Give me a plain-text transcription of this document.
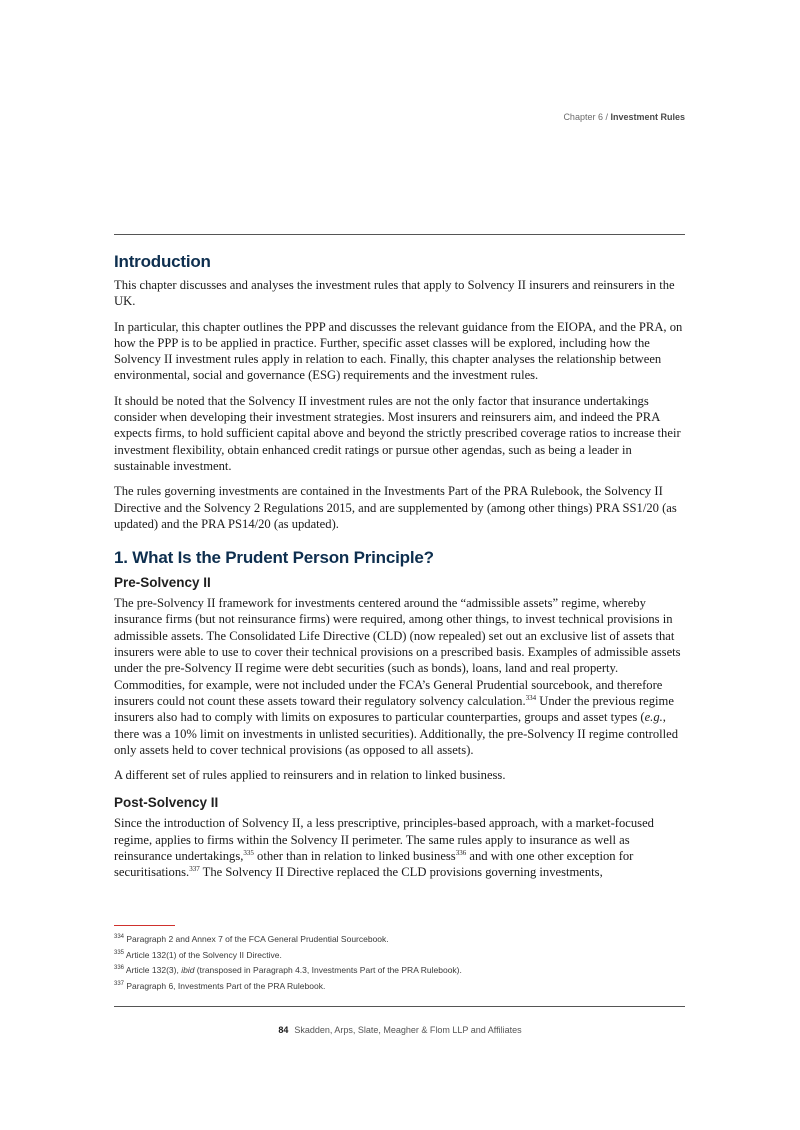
Chapter 6 / Investment Rules
Introduction

This chapter discusses and analyses the investment rules that apply to Solvency II insurers and reinsurers in the UK.

In particular, this chapter outlines the PPP and discusses the relevant guidance from the EIOPA, and the PRA, on how the PPP is to be applied in practice. Further, specific asset classes will be explored, including how the Solvency II investment rules apply in relation to each. Finally, this chapter analyses the relationship between environmental, social and governance (ESG) requirements and the investment rules.

It should be noted that the Solvency II investment rules are not the only factor that insurance undertakings consider when developing their investment strategies. Most insurers and reinsurers aim, and indeed the PRA expects firms, to hold sufficient capital above and beyond the strictly prescribed coverage ratios to increase their investment flexibility, obtain enhanced credit ratings or pursue other agendas, such as being a leader in sustainable investment.

The rules governing investments are contained in the Investments Part of the PRA Rulebook, the Solvency II Directive and the Solvency 2 Regulations 2015, and are supplemented by (among other things) PRA SS1/20 (as updated) and the PRA PS14/20 (as updated).

1. What Is the Prudent Person Principle?
Pre-Solvency II

The pre-Solvency II framework for investments centered around the “admissible assets” regime, whereby insurance firms (but not reinsurance firms) were required, among other things, to invest technical provisions in admissible assets. The Consolidated Life Directive (CLD) (now repealed) set out an exclusive list of assets that insurers were able to use to cover their technical provisions on a prescribed basis. Examples of admissible assets under the pre-Solvency II regime were debt securities (such as bonds), loans, land and real property. Commodities, for example, were not included under the FCA’s General Prudential sourcebook, and therefore insurers could not count these assets toward their regulatory solvency calculation.$^{334}$ Under the previous regime insurers also had to comply with limits on exposures to particular counterparties, groups and asset types (e.g., there was a 10% limit on investments in unlisted securities). Additionally, the pre-Solvency II regime controlled only assets held to cover technical provisions (as opposed to all assets).

A different set of rules applied to reinsurers and in relation to linked business.

Post-Solvency II

Since the introduction of Solvency II, a less prescriptive, principles-based approach, with a market-focused regime, applies to firms within the Solvency II perimeter. The same rules apply to insurance as well as reinsurance undertakings,$^{335}$ other than in relation to linked business$^{336}$ and with one other exception for securitisations.$^{337}$ The Solvency II Directive replaced the CLD provisions governing investments,

$^{334}$ Paragraph 2 and Annex 7 of the FCA General Prudential Sourcebook.
$^{335}$ Article 132(1) of the Solvency II Directive.
$^{336}$ Article 132(3), ibid (transposed in Paragraph 4.3, Investments Part of the PRA Rulebook).
$^{337}$ Paragraph 6, Investments Part of the PRA Rulebook.
84 Skadden, Arps, Slate, Meagher & Flom LLP and Affiliates
